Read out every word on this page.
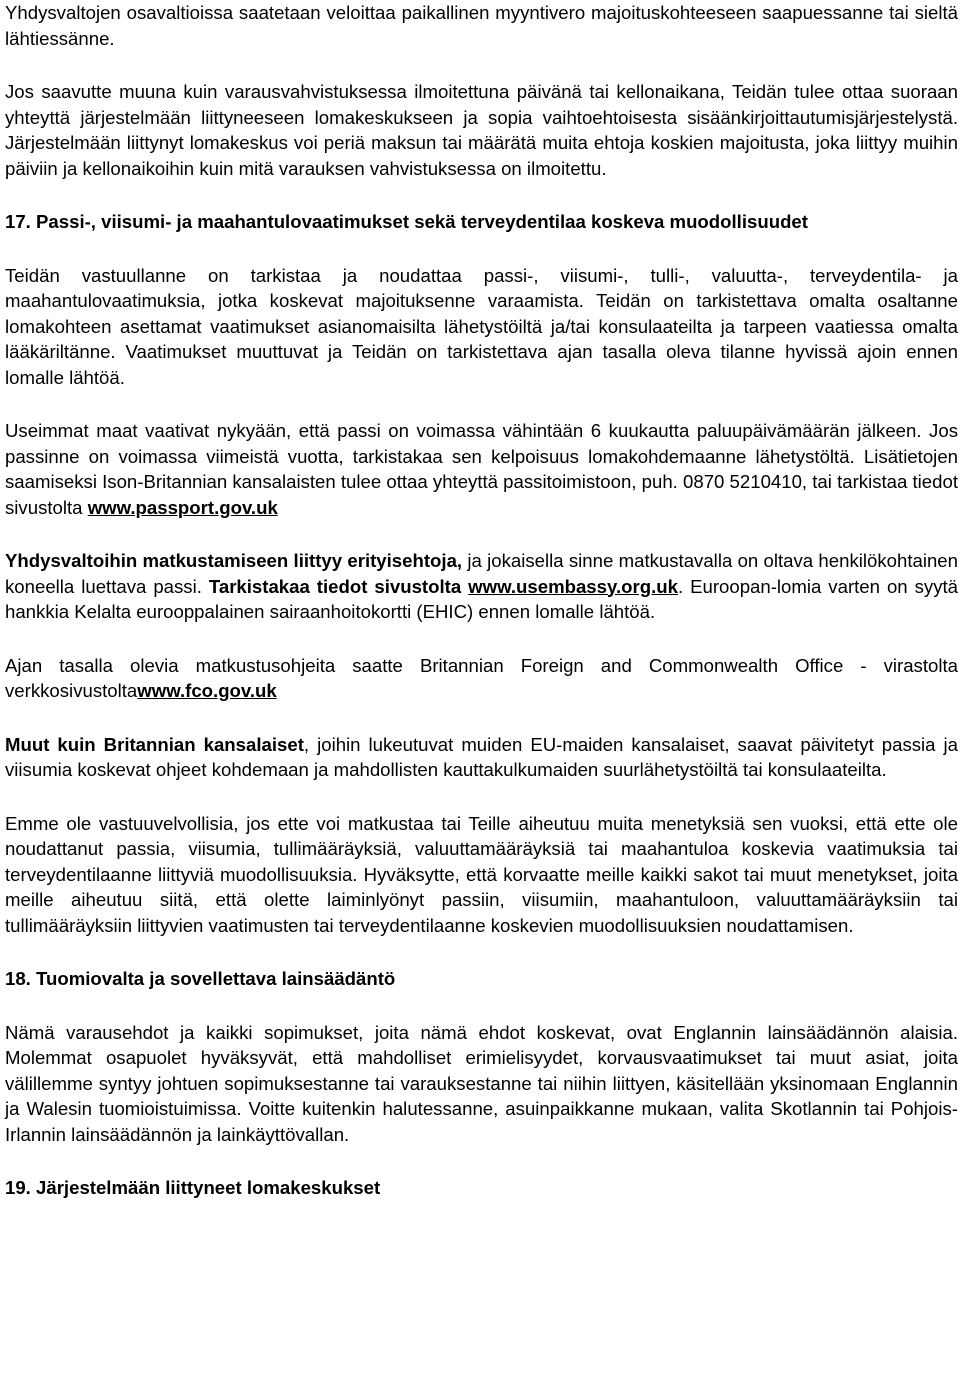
Yhdysvaltojen osavaltioissa saatetaan veloittaa paikallinen myyntivero majoituskohteeseen saapuessanne tai sieltä lähtiessänne.

Jos saavutte muuna kuin varausvahvistuksessa ilmoitettuna päivänä tai kellonaikana, Teidän tulee ottaa suoraan yhteyttä järjestelmään liittyneeseen lomakeskukseen ja sopia vaihtoehtoisesta sisäänkirjoittautumisjärjestelystä. Järjestelmään liittynyt lomakeskus voi periä maksun tai määrätä muita ehtoja koskien majoitusta, joka liittyy muihin päiviin ja kellonaikoihin kuin mitä varauksen vahvistuksessa on ilmoitettu.

17. Passi-, viisumi- ja maahantulovaatimukset sekä terveydentilaa koskeva muodollisuudet

Teidän vastuullanne on tarkistaa ja noudattaa passi-, viisumi-, tulli-, valuutta-, terveydentila- ja maahantulovaatimuksia, jotka koskevat majoituksenne varaamista. Teidän on tarkistettava omalta osaltanne lomakohteen asettamat vaatimukset asianomaisilta lähetystöiltä ja/tai konsulaateilta ja tarpeen vaatiessa omalta lääkäriltänne. Vaatimukset muuttuvat ja Teidän on tarkistettava ajan tasalla oleva tilanne hyvissä ajoin ennen lomalle lähtöä.

Useimmat maat vaativat nykyään, että passi on voimassa vähintään 6 kuukautta paluupäivämäärän jälkeen. Jos passinne on voimassa viimeistä vuotta, tarkistakaa sen kelpoisuus lomakohdemaanne lähetystöltä. Lisätietojen saamiseksi Ison-Britannian kansalaisten tulee ottaa yhteyttä passitoimistoon, puh. 0870 5210410, tai tarkistaa tiedot sivustolta www.passport.gov.uk

Yhdysvaltoihin matkustamiseen liittyy erityisehtoja, ja jokaisella sinne matkustavalla on oltava henkilökohtainen koneella luettava passi. Tarkistakaa tiedot sivustolta www.usembassy.org.uk. Euroopan-lomia varten on syytä hankkia Kelalta eurooppalainen sairaanhoitokortti (EHIC) ennen lomalle lähtöä.

Ajan tasalla olevia matkustusohjeita saatte Britannian Foreign and Commonwealth Office - virastolta verkkosivustoltawww.fco.gov.uk

Muut kuin Britannian kansalaiset, joihin lukeutuvat muiden EU-maiden kansalaiset, saavat päivitetyt passia ja viisumia koskevat ohjeet kohdemaan ja mahdollisten kauttakulkumaiden suurlähetystöiltä tai konsulaateilta.

Emme ole vastuuvelvollisia, jos ette voi matkustaa tai Teille aiheutuu muita menetyksiä sen vuoksi, että ette ole noudattanut passia, viisumia, tullimääräyksiä, valuuttamääräyksiä tai maahantuloa koskevia vaatimuksia tai terveydentilaanne liittyviä muodollisuuksia. Hyväksytte, että korvaatte meille kaikki sakot tai muut menetykset, joita meille aiheutuu siitä, että olette laiminlyönyt passiin, viisumiin, maahantuloon, valuuttamääräyksiin tai tullimääräyksiin liittyvien vaatimusten tai terveydentilaanne koskevien muodollisuuksien noudattamisen.

18. Tuomiovalta ja sovellettava lainsäädäntö

Nämä varausehdot ja kaikki sopimukset, joita nämä ehdot koskevat, ovat Englannin lainsäädännön alaisia. Molemmat osapuolet hyväksyvät, että mahdolliset erimielisyydet, korvausvaatimukset tai muut asiat, joita välillemme syntyy johtuen sopimuksestanne tai varauksestanne tai niihin liittyen, käsitellään yksinomaan Englannin ja Walesin tuomioistuimissa. Voitte kuitenkin halutessanne, asuinpaikkanne mukaan, valita Skotlannin tai Pohjois-Irlannin lainsäädännön ja lainkäyttövallan.

19. Järjestelmään liittyneet lomakeskukset
